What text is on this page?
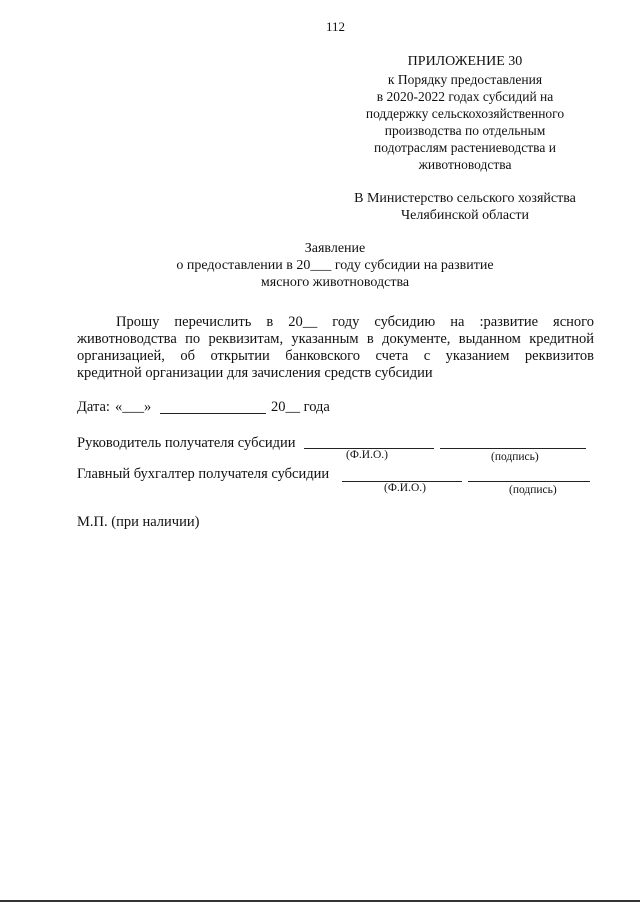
112
ПРИЛОЖЕНИЕ 30
к Порядку предоставления
в 2020-2022 годах субсидий на
поддержку сельскохозяйственного
производства по отдельным
подотраслям растениеводства и
животноводства
В Министерство сельского хозяйства
Челябинской области
Заявление
о предоставлении в 20___ году субсидии на развитие
мясного животноводства
Прошу перечислить в 20__ году субсидию на :развитие ясного
животноводства по реквизитам, указанным в документе, выданном кредитной
организацией, об открытии банковского счета с указанием реквизитов
кредитной организации для зачисления средств субсидии
Дата: «___»	20__ года
Руководитель получателя субсидии
(Ф.И.О.)	(подпись)
Главный бухгалтер получателя субсидии
(Ф.И.О.)	(подпись)
М.П. (при наличии)
